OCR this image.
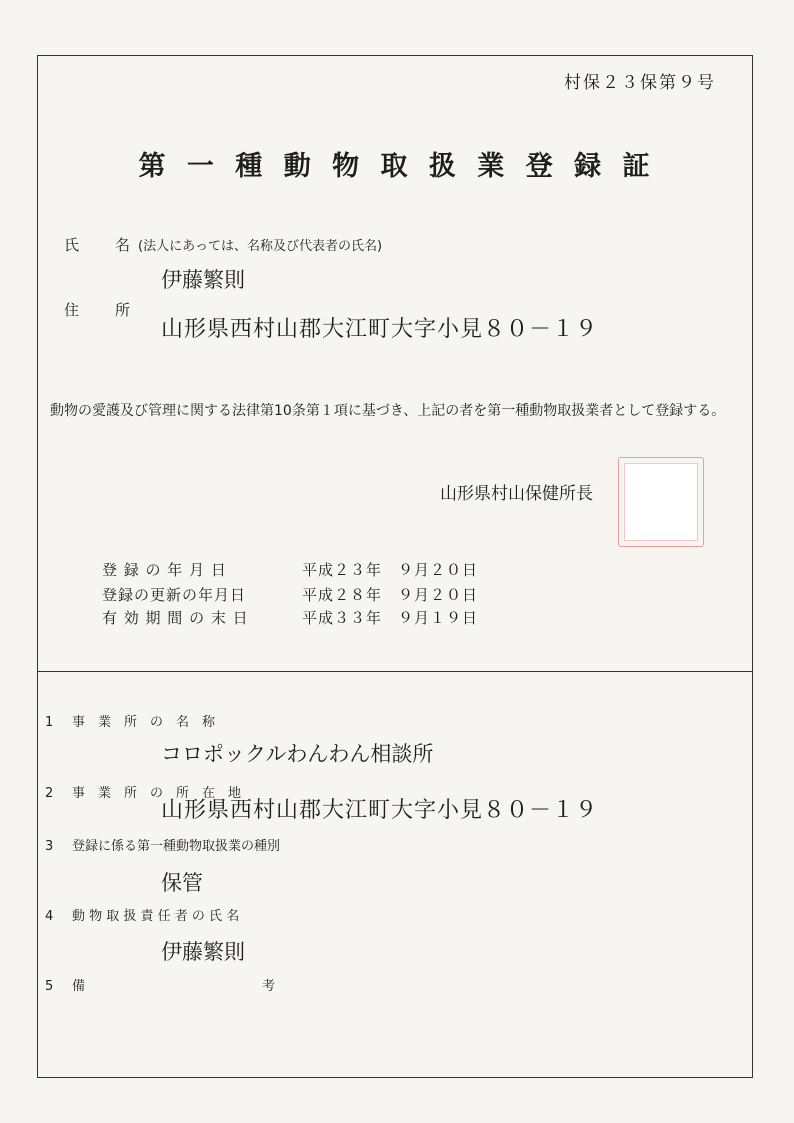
村保２３保第９号
第 一 種 動 物 取 扱 業 登 録 証
氏 名 (法人にあっては、名称及び代表者の氏名)
伊藤繁則
住 所
山形県西村山郡大江町大字小見８０－１９
動物の愛護及び管理に関する法律第10条第１項に基づき、上記の者を第一種動物取扱業者として登録する。
山形県村山保健所長
登 録 の 年 月 日	平成２３年　９月２０日
登録の更新の年月日	平成２８年　９月２０日
有 効 期 間 の 末 日	平成３３年　９月１９日
1 事　業　所　の　名　称
コロポックルわんわん相談所
2 事　業　所　の　所　在　地
山形県西村山郡大江町大字小見８０－１９
3 登録に係る第一種動物取扱業の種別
保管
4 動 物 取 扱 責 任 者 の 氏 名
伊藤繁則
5 備	考
